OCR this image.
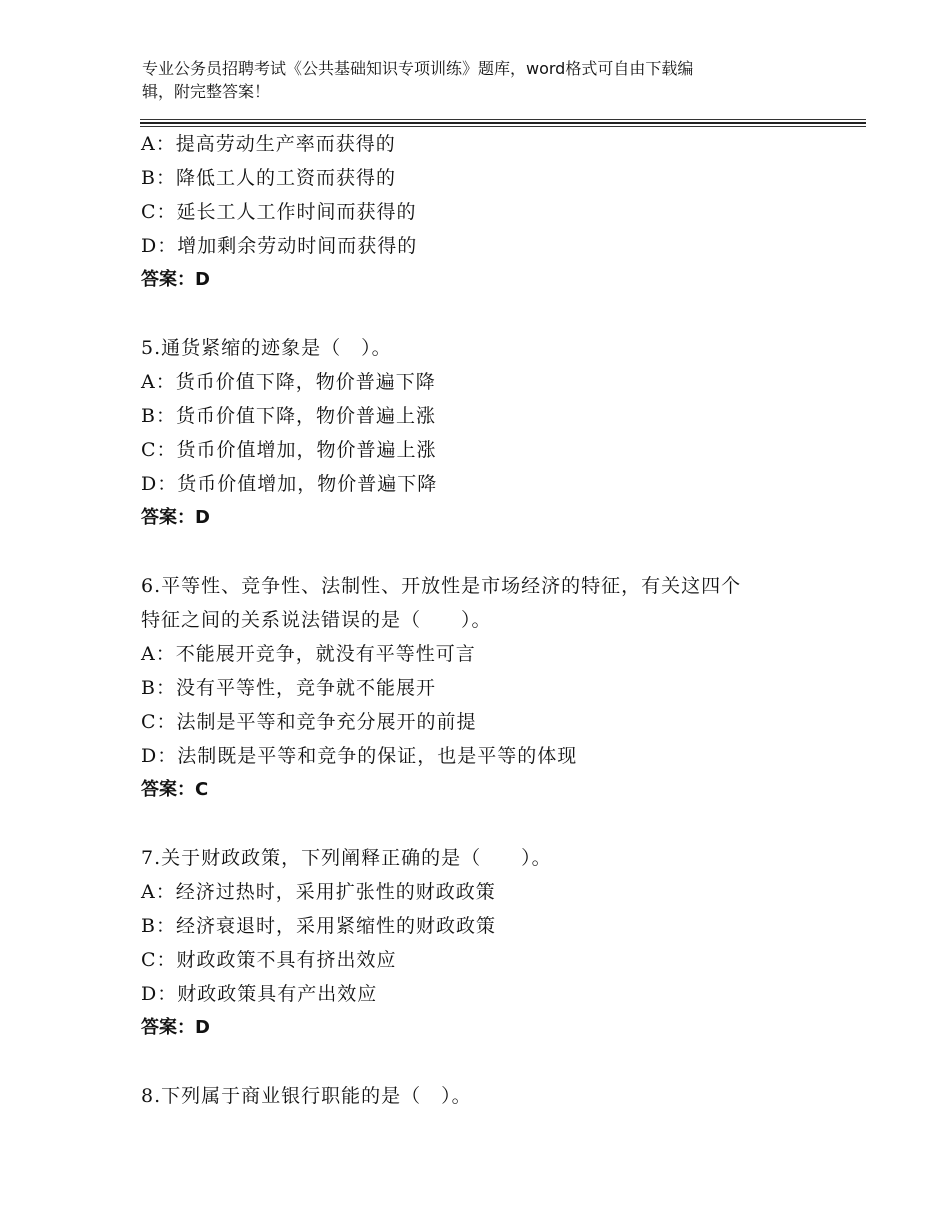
专业公务员招聘考试《公共基础知识专项训练》题库，word格式可自由下载编
辑，附完整答案！
A：提高劳动生产率而获得的
B：降低工人的工资而获得的
C：延长工人工作时间而获得的
D：增加剩余劳动时间而获得的
答案：D
5.通货紧缩的迹象是（　）。
A：货币价值下降，物价普遍下降
B：货币价值下降，物价普遍上涨
C：货币价值增加，物价普遍上涨
D：货币价值增加，物价普遍下降
答案：D
6.平等性、竞争性、法制性、开放性是市场经济的特征，有关这四个
特征之间的关系说法错误的是（　　）。
A：不能展开竞争，就没有平等性可言
B：没有平等性，竞争就不能展开
C：法制是平等和竞争充分展开的前提
D：法制既是平等和竞争的保证，也是平等的体现
答案：C
7.关于财政政策，下列阐释正确的是（　　）。
A：经济过热时，采用扩张性的财政政策
B：经济衰退时，采用紧缩性的财政政策
C：财政政策不具有挤出效应
D：财政政策具有产出效应
答案：D
8.下列属于商业银行职能的是（　）。
